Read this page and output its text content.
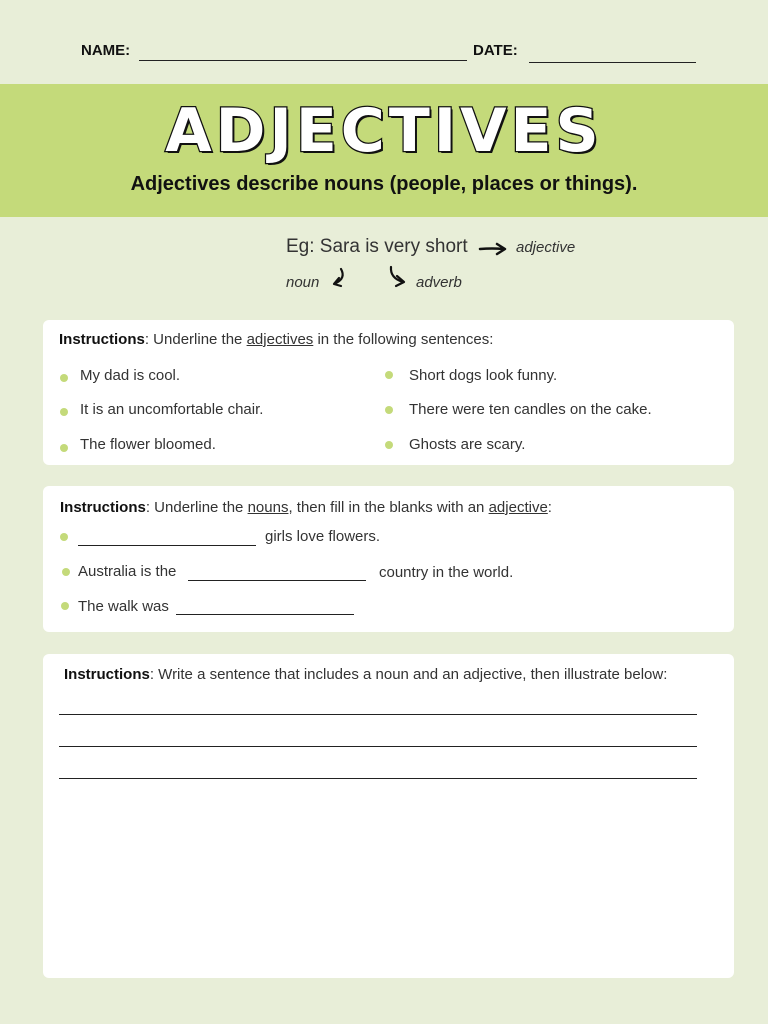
NAME:	DATE:
ADJECTIVES
Adjectives describe nouns (people, places or things).
Eg: Sara is very short	adjective
noun	adverb
Instructions: Underline the adjectives in the following sentences:
My dad is cool.
It is an uncomfortable chair.
The flower bloomed.
Short dogs look funny.
There were ten candles on the cake.
Ghosts are scary.
Instructions: Underline the nouns, then fill in the blanks with an adjective:
girls love flowers.
Australia is the	country in the world.
The walk was
Instructions: Write a sentence that includes a noun and an adjective, then illustrate below:
